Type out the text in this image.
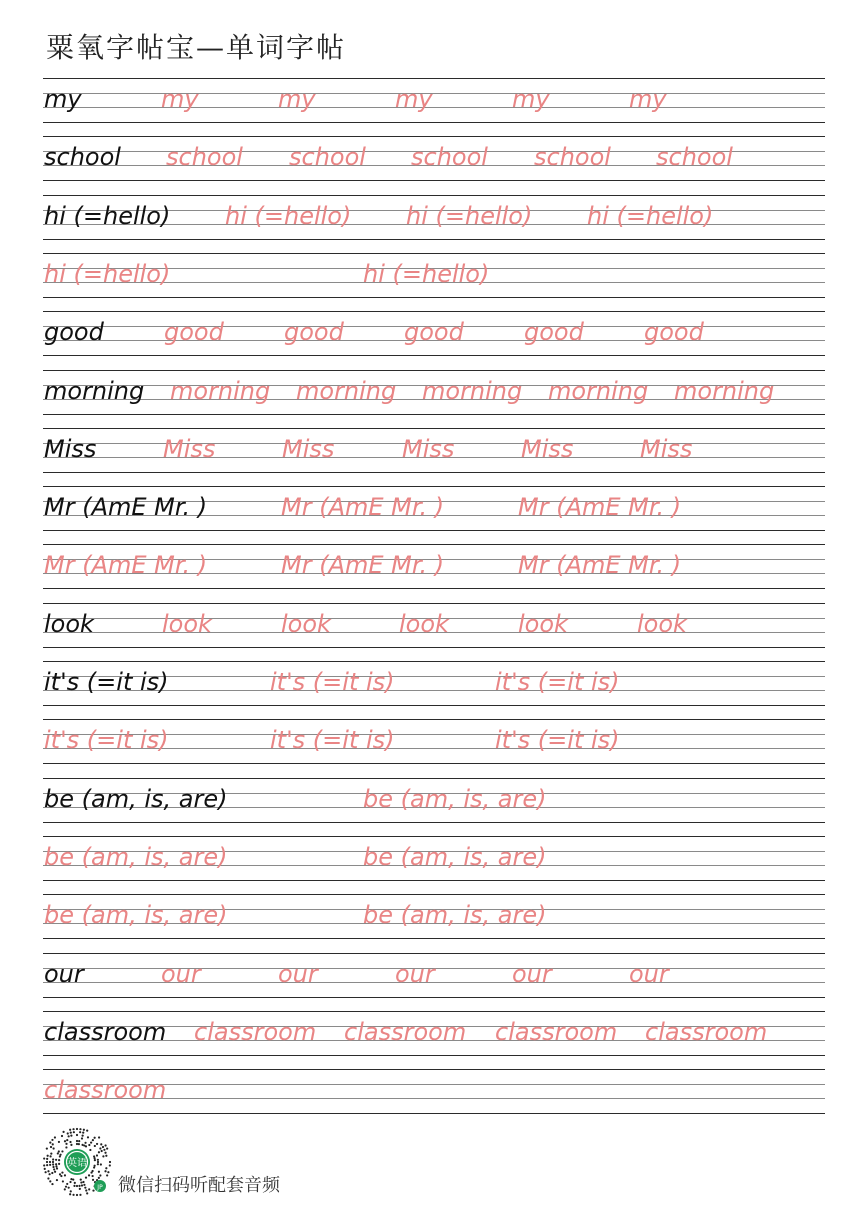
粟氧字帖宝—单词字帖
my	my	my	my	my	my
school school school school school school
hi (=hello) hi (=hello) hi (=hello) hi (=hello)
hi (=hello)	hi (=hello)
good	good	good	good	good	good
morning morning morning morning morning morning
Miss	Miss	Miss	Miss	Miss	Miss
Mr (AmE Mr. )	Mr (AmE Mr. )	Mr (AmE Mr. )
Mr (AmE Mr. )	Mr (AmE Mr. )	Mr (AmE Mr. )
look	look	look	look	look	look
it's (=it is)	it's (=it is)	it's (=it is)
it's (=it is)	it's (=it is)	it's (=it is)
be (am, is, are)	be (am, is, are)
be (am, is, are)	be (am, is, are)
be (am, is, are)	be (am, is, are)
our	our	our	our	our	our
classroom classroom classroom classroom classroom
classroom
英语
JP 微信扫码听配套音频
